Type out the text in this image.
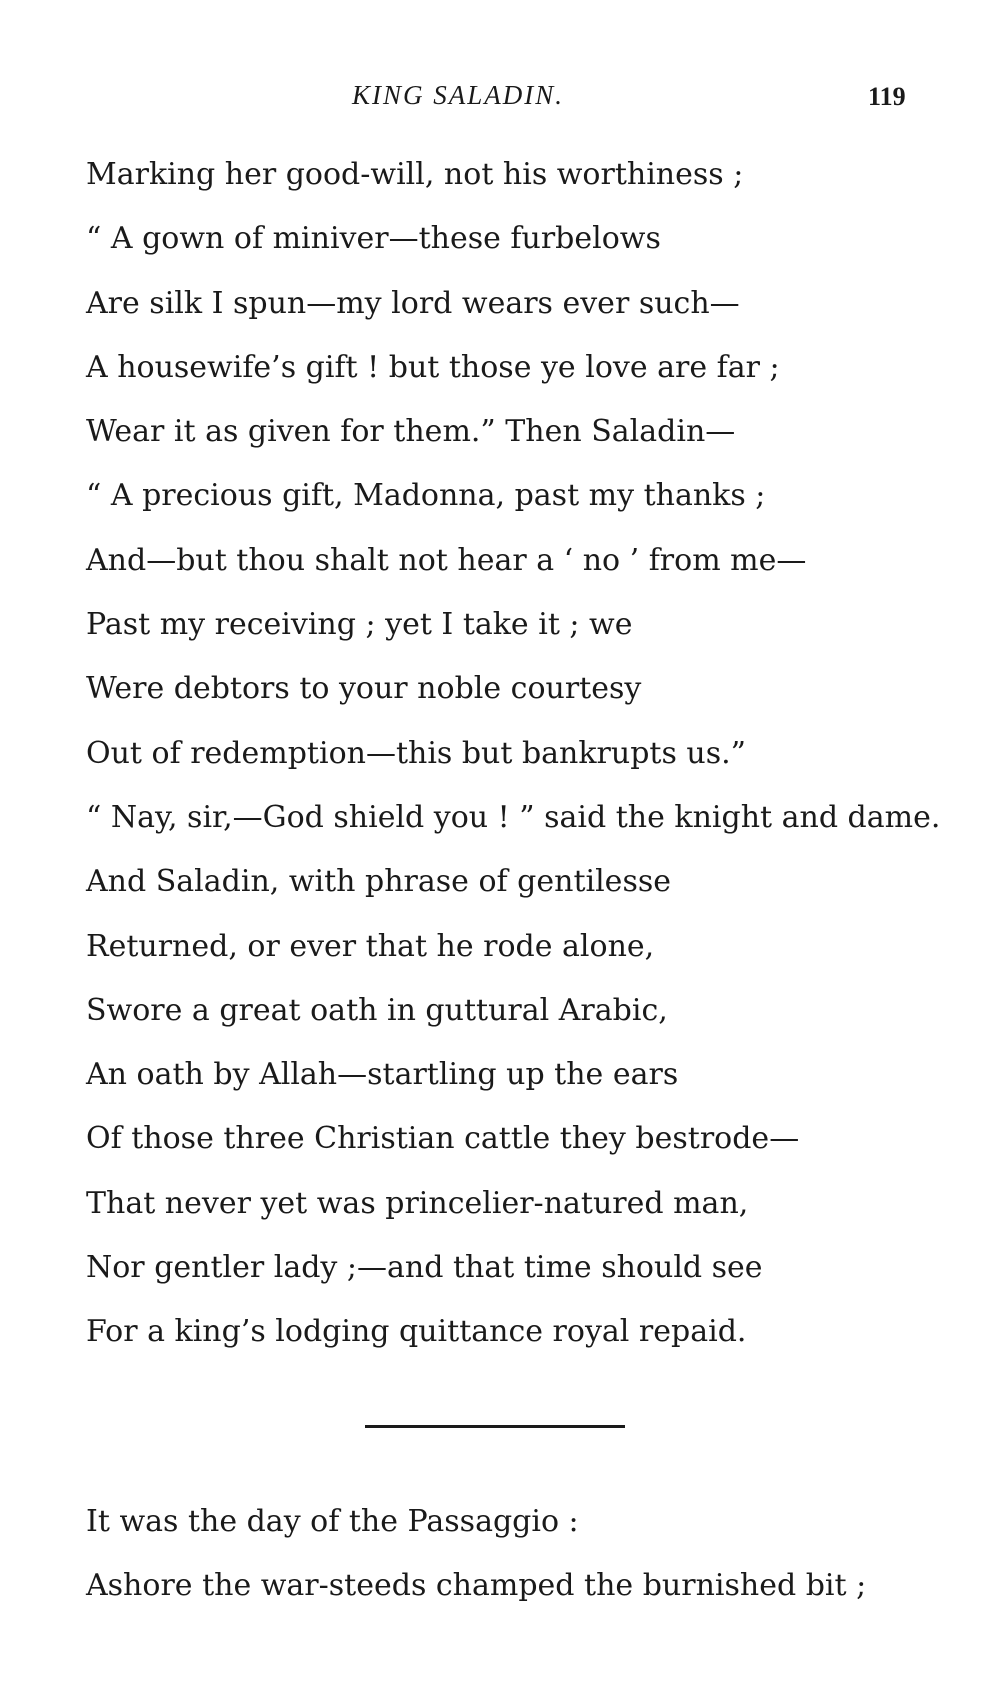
KING SALADIN.	119
Marking her good-will, not his worthiness ;
“ A gown of miniver—these furbelows
Are silk I spun—my lord wears ever such—
A housewife’s gift ! but those ye love are far ;
Wear it as given for them.” Then Saladin—
“ A precious gift, Madonna, past my thanks ;
And—but thou shalt not hear a ‘ no ’ from me—
Past my receiving ; yet I take it ; we
Were debtors to your noble courtesy
Out of redemption—this but bankrupts us.”
“ Nay, sir,—God shield you ! ” said the knight and dame.
And Saladin, with phrase of gentilesse
Returned, or ever that he rode alone,
Swore a great oath in guttural Arabic,
An oath by Allah—startling up the ears
Of those three Christian cattle they bestrode—
That never yet was princelier-natured man,
Nor gentler lady ;—and that time should see
For a king’s lodging quittance royal repaid.
It was the day of the Passaggio :
Ashore the war-steeds champed the burnished bit ;
